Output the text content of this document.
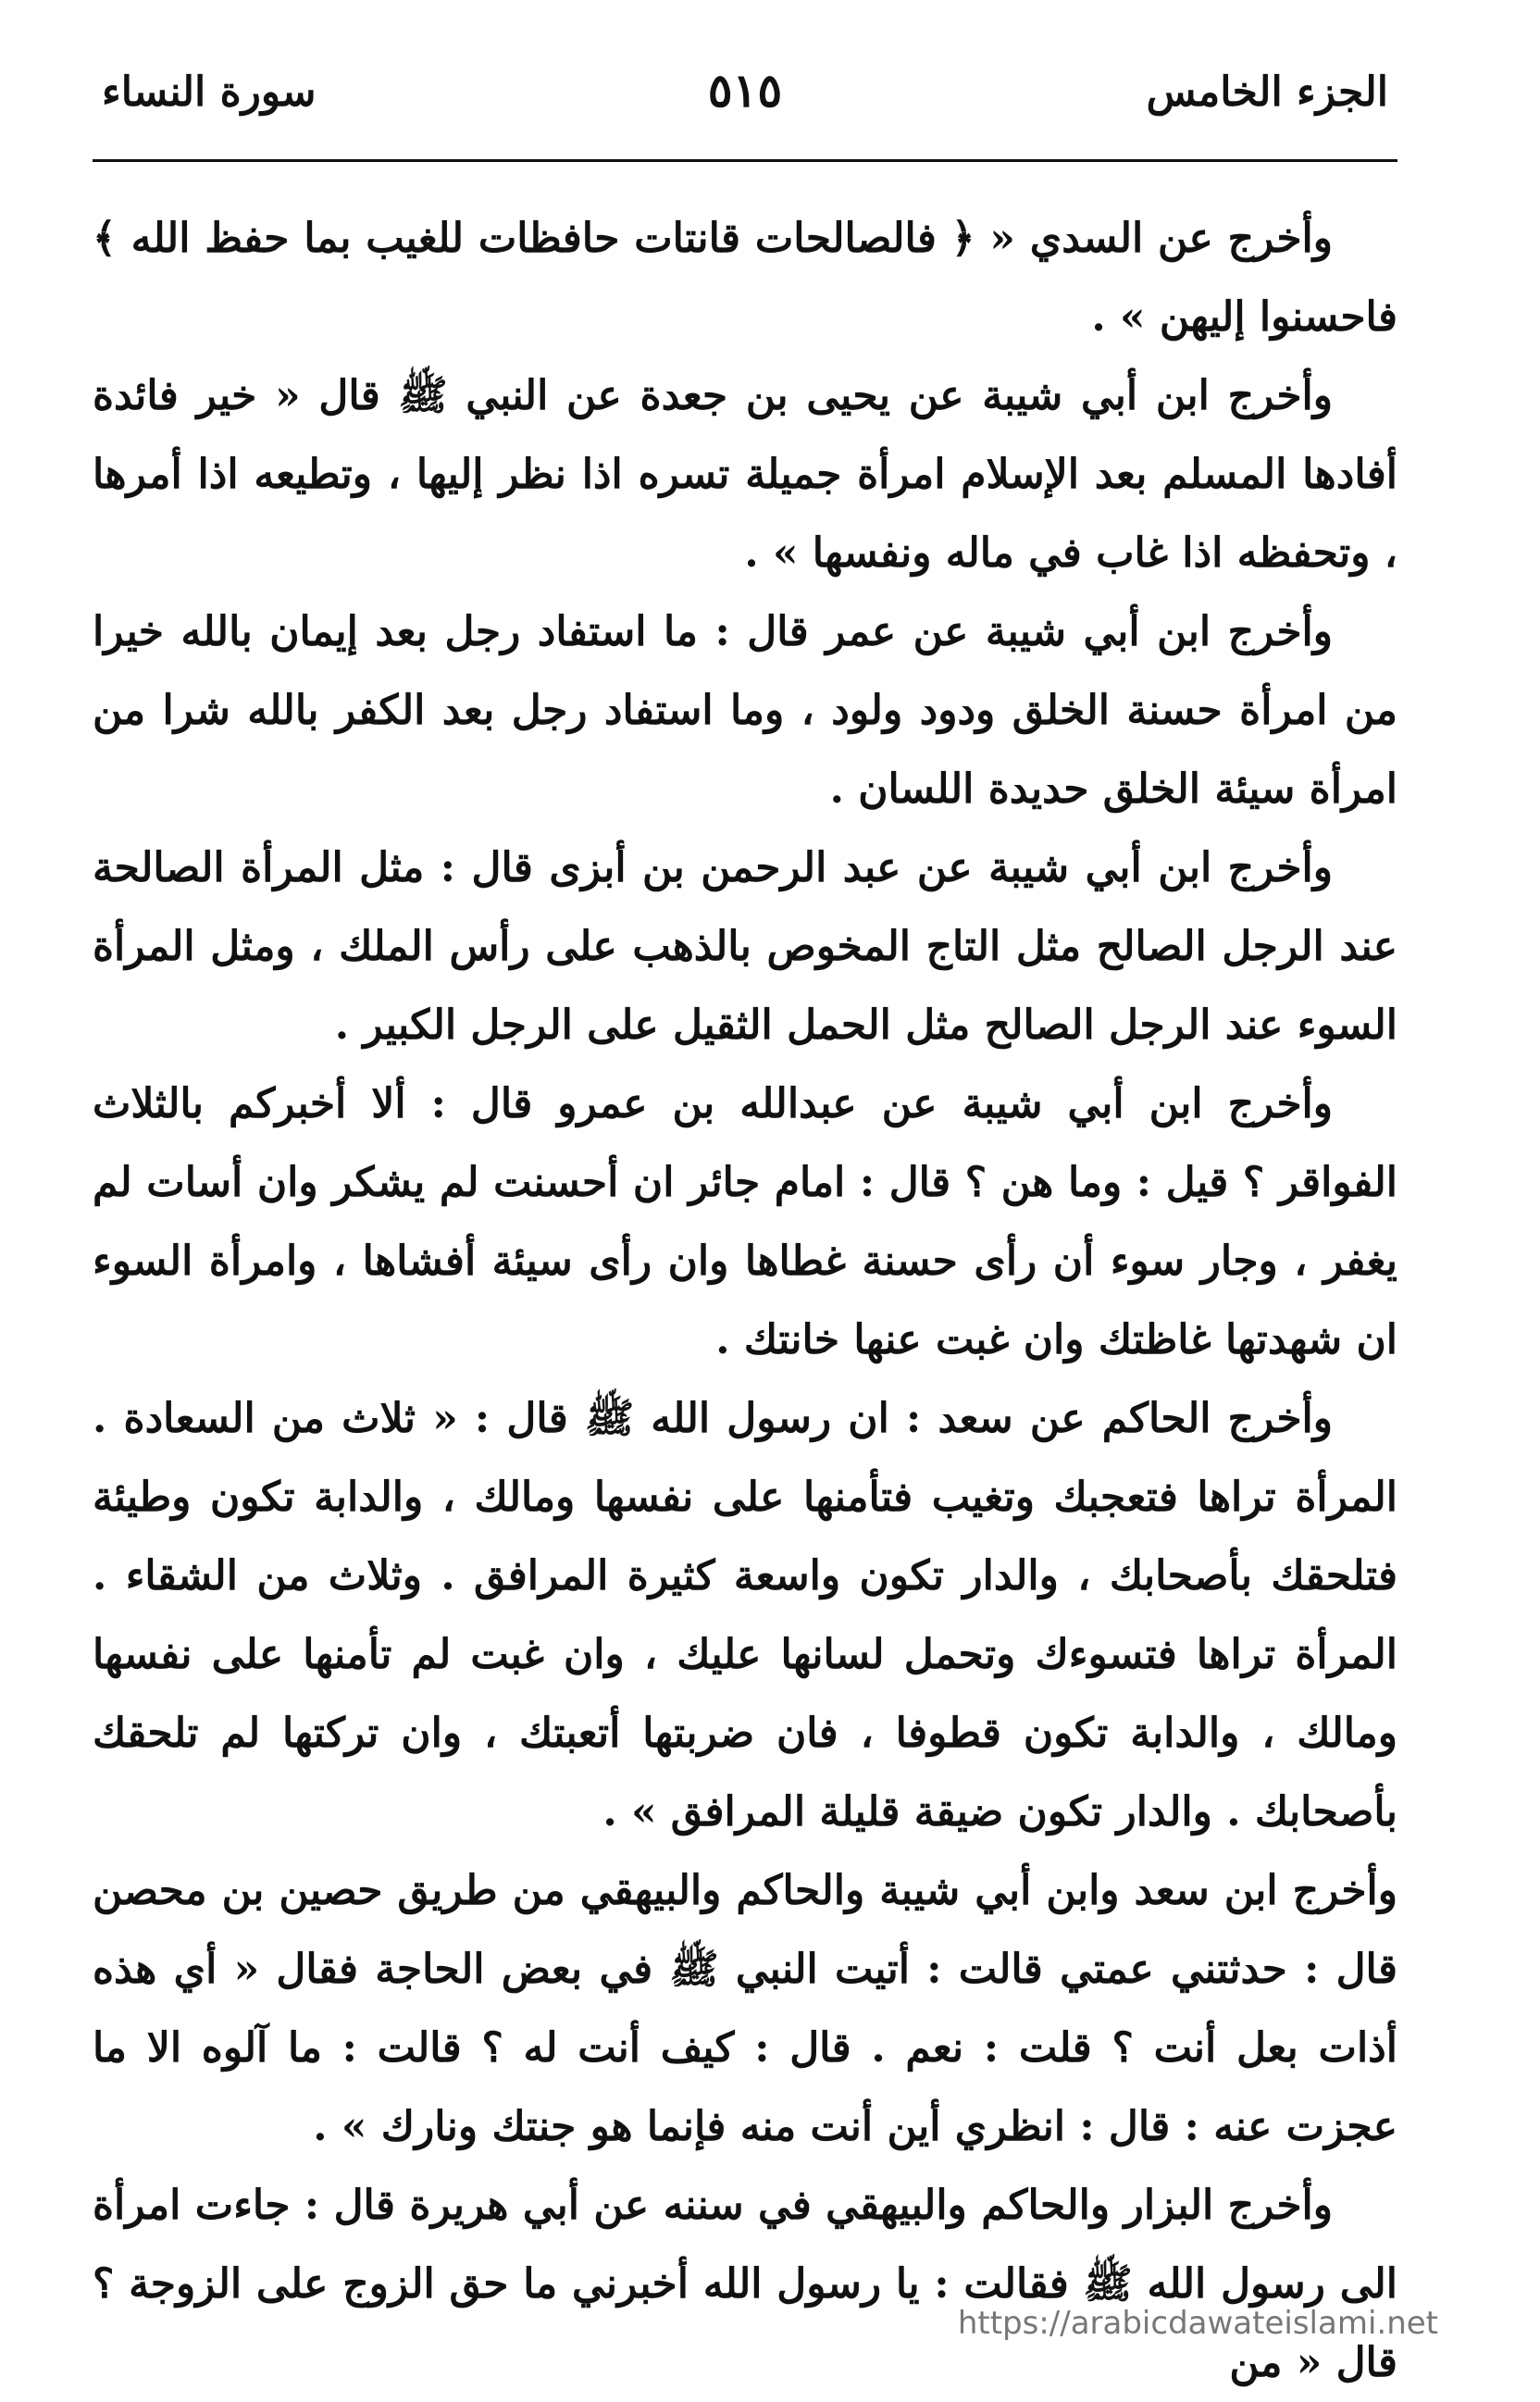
الجزء الخامس
٥١٥
سورة النساء

وأخرج عن السدي « ﴿ فالصالحات قانتات حافظات للغيب بما حفظ الله ﴾ فاحسنوا إليهن » .

وأخرج ابن أبي شيبة عن يحيى بن جعدة عن النبي ﷺ قال « خير فائدة أفادها المسلم بعد الإسلام امرأة جميلة تسره اذا نظر إليها ، وتطيعه اذا أمرها ، وتحفظه اذا غاب في ماله ونفسها » .

وأخرج ابن أبي شيبة عن عمر قال : ما استفاد رجل بعد إيمان بالله خيرا من امرأة حسنة الخلق ودود ولود ، وما استفاد رجل بعد الكفر بالله شرا من امرأة سيئة الخلق حديدة اللسان .

وأخرج ابن أبي شيبة عن عبد الرحمن بن أبزى قال : مثل المرأة الصالحة عند الرجل الصالح مثل التاج المخوص بالذهب على رأس الملك ، ومثل المرأة السوء عند الرجل الصالح مثل الحمل الثقيل على الرجل الكبير .

وأخرج ابن أبي شيبة عن عبدالله بن عمرو قال : ألا أخبركم بالثلاث الفواقر ؟ قيل : وما هن ؟ قال : امام جائر ان أحسنت لم يشكر وان أسات لم يغفر ، وجار سوء أن رأى حسنة غطاها وان رأى سيئة أفشاها ، وامرأة السوء ان شهدتها غاظتك وان غبت عنها خانتك .

وأخرج الحاكم عن سعد : ان رسول الله ﷺ قال : « ثلاث من السعادة . المرأة تراها فتعجبك وتغيب فتأمنها على نفسها ومالك ، والدابة تكون وطيئة فتلحقك بأصحابك ، والدار تكون واسعة كثيرة المرافق . وثلاث من الشقاء . المرأة تراها فتسوءك وتحمل لسانها عليك ، وان غبت لم تأمنها على نفسها ومالك ، والدابة تكون قطوفا ، فان ضربتها أتعبتك ، وان تركتها لم تلحقك بأصحابك . والدار تكون ضيقة قليلة المرافق » .

وأخرج ابن سعد وابن أبي شيبة والحاكم والبيهقي من طريق حصين بن محصن قال : حدثتني عمتي قالت : أتيت النبي ﷺ في بعض الحاجة فقال « أي هذه أذات بعل أنت ؟ قلت : نعم . قال : كيف أنت له ؟ قالت : ما آلوه الا ما عجزت عنه : قال : انظري أين أنت منه فإنما هو جنتك ونارك » .

وأخرج البزار والحاكم والبيهقي في سننه عن أبي هريرة قال : جاءت امرأة الى رسول الله ﷺ فقالت : يا رسول الله أخبرني ما حق الزوج على الزوجة ؟ قال « من

https://arabicdawateislami.net
